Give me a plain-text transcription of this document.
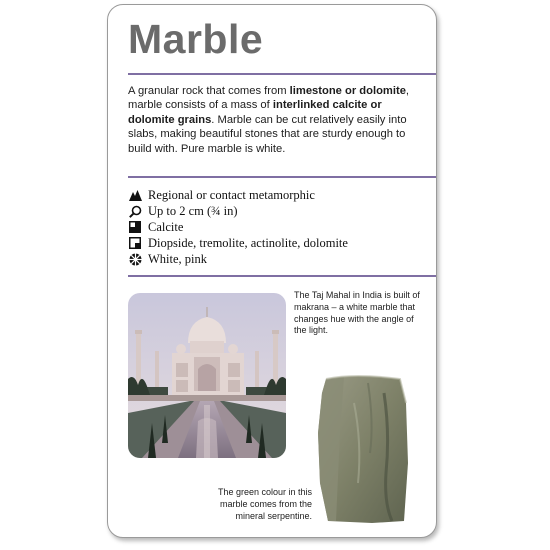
Marble
A granular rock that comes from limestone or dolomite, marble consists of a mass of interlinked calcite or dolomite grains. Marble can be cut relatively easily into slabs, making beautiful stones that are sturdy enough to build with. Pure marble is white.
Regional or contact metamorphic
Up to 2 cm (¾ in)
Calcite
Diopside, tremolite, actinolite, dolomite
White, pink
The Taj Mahal in India is built of makrana – a white marble that changes hue with the angle of the light.
The green colour in this marble comes from the mineral serpentine.
